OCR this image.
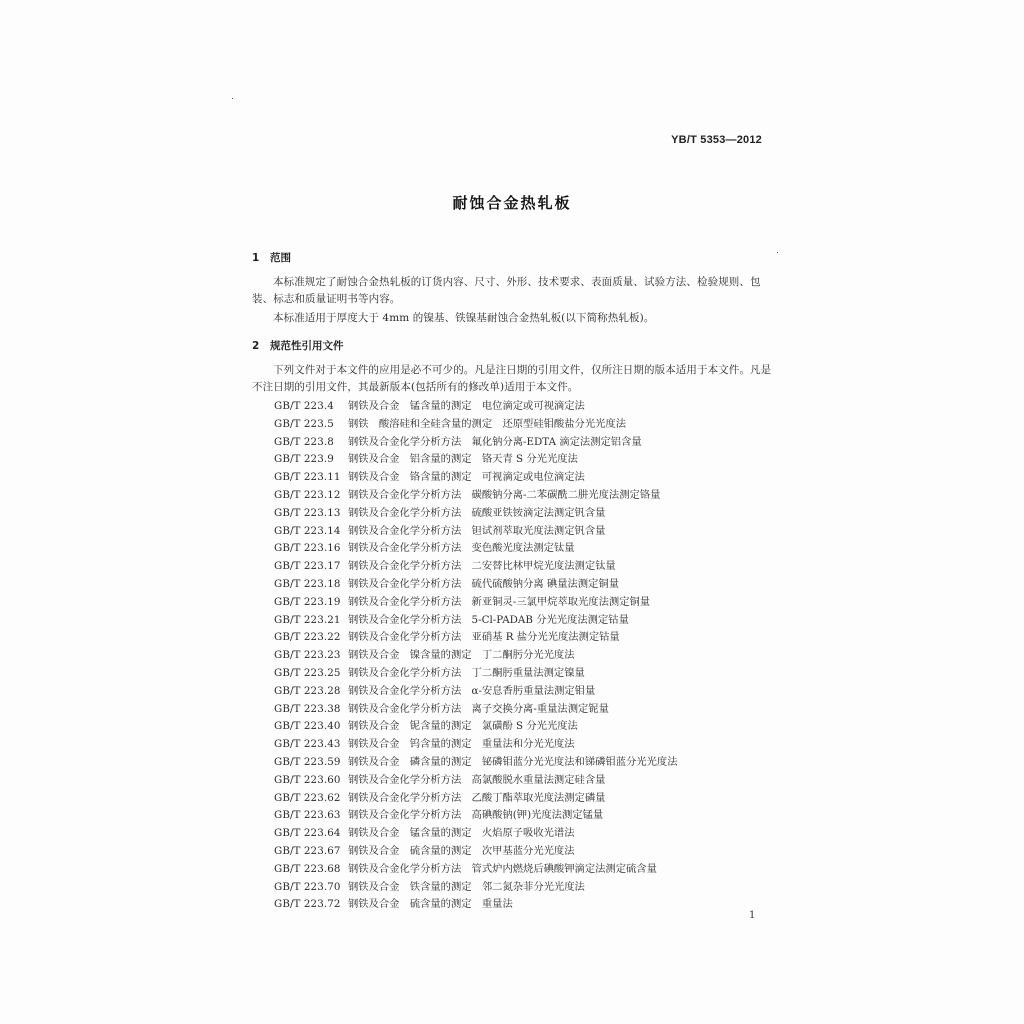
YB/T 5353—2012
耐蚀合金热轧板
1 范围
本标准规定了耐蚀合金热轧板的订货内容、尺寸、外形、技术要求、表面质量、试验方法、检验规则、包装、标志和质量证明书等内容。
本标准适用于厚度大于 4mm 的镍基、铁镍基耐蚀合金热轧板(以下简称热轧板)。
2 规范性引用文件
下列文件对于本文件的应用是必不可少的。凡是注日期的引用文件，仅所注日期的版本适用于本文件。凡是不注日期的引用文件，其最新版本(包括所有的修改单)适用于本文件。
GB/T 223.4 钢铁及合金　锰含量的测定　电位滴定或可视滴定法
GB/T 223.5 钢铁　酸溶硅和全硅含量的测定　还原型硅钼酸盐分光光度法
GB/T 223.8 钢铁及合金化学分析方法　氟化钠分离-EDTA 滴定法测定铝含量
GB/T 223.9 钢铁及合金　铝含量的测定　铬天青 S 分光光度法
GB/T 223.11 钢铁及合金　铬含量的测定　可视滴定或电位滴定法
GB/T 223.12 钢铁及合金化学分析方法　碳酸钠分离-二苯碳酰二肼光度法测定铬量
GB/T 223.13 钢铁及合金化学分析方法　硫酸亚铁铵滴定法测定钒含量
GB/T 223.14 钢铁及合金化学分析方法　钽试剂萃取光度法测定钒含量
GB/T 223.16 钢铁及合金化学分析方法　变色酸光度法测定钛量
GB/T 223.17 钢铁及合金化学分析方法　二安替比林甲烷光度法测定钛量
GB/T 223.18 钢铁及合金化学分析方法　硫代硫酸钠分离 碘量法测定铜量
GB/T 223.19 钢铁及合金化学分析方法　新亚铜灵-三氯甲烷萃取光度法测定铜量
GB/T 223.21 钢铁及合金化学分析方法　5-Cl-PADAB 分光光度法测定钴量
GB/T 223.22 钢铁及合金化学分析方法　亚硝基 R 盐分光光度法测定钴量
GB/T 223.23 钢铁及合金　镍含量的测定　丁二酮肟分光光度法
GB/T 223.25 钢铁及合金化学分析方法　丁二酮肟重量法测定镍量
GB/T 223.28 钢铁及合金化学分析方法　α-安息香肟重量法测定钼量
GB/T 223.38 钢铁及合金化学分析方法　离子交换分离-重量法测定铌量
GB/T 223.40 钢铁及合金　铌含量的测定　氯磺酚 S 分光光度法
GB/T 223.43 钢铁及合金　钨含量的测定　重量法和分光光度法
GB/T 223.59 钢铁及合金　磷含量的测定　铋磷钼蓝分光光度法和锑磷钼蓝分光光度法
GB/T 223.60 钢铁及合金化学分析方法　高氯酸脱水重量法测定硅含量
GB/T 223.62 钢铁及合金化学分析方法　乙酸丁酯萃取光度法测定磷量
GB/T 223.63 钢铁及合金化学分析方法　高碘酸钠(钾)光度法测定锰量
GB/T 223.64 钢铁及合金　锰含量的测定　火焰原子吸收光谱法
GB/T 223.67 钢铁及合金　硫含量的测定　次甲基蓝分光光度法
GB/T 223.68 钢铁及合金化学分析方法　管式炉内燃烧后碘酸钾滴定法测定硫含量
GB/T 223.70 钢铁及合金　铁含量的测定　邻二氮杂菲分光光度法
GB/T 223.72 钢铁及合金　硫含量的测定　重量法
1
